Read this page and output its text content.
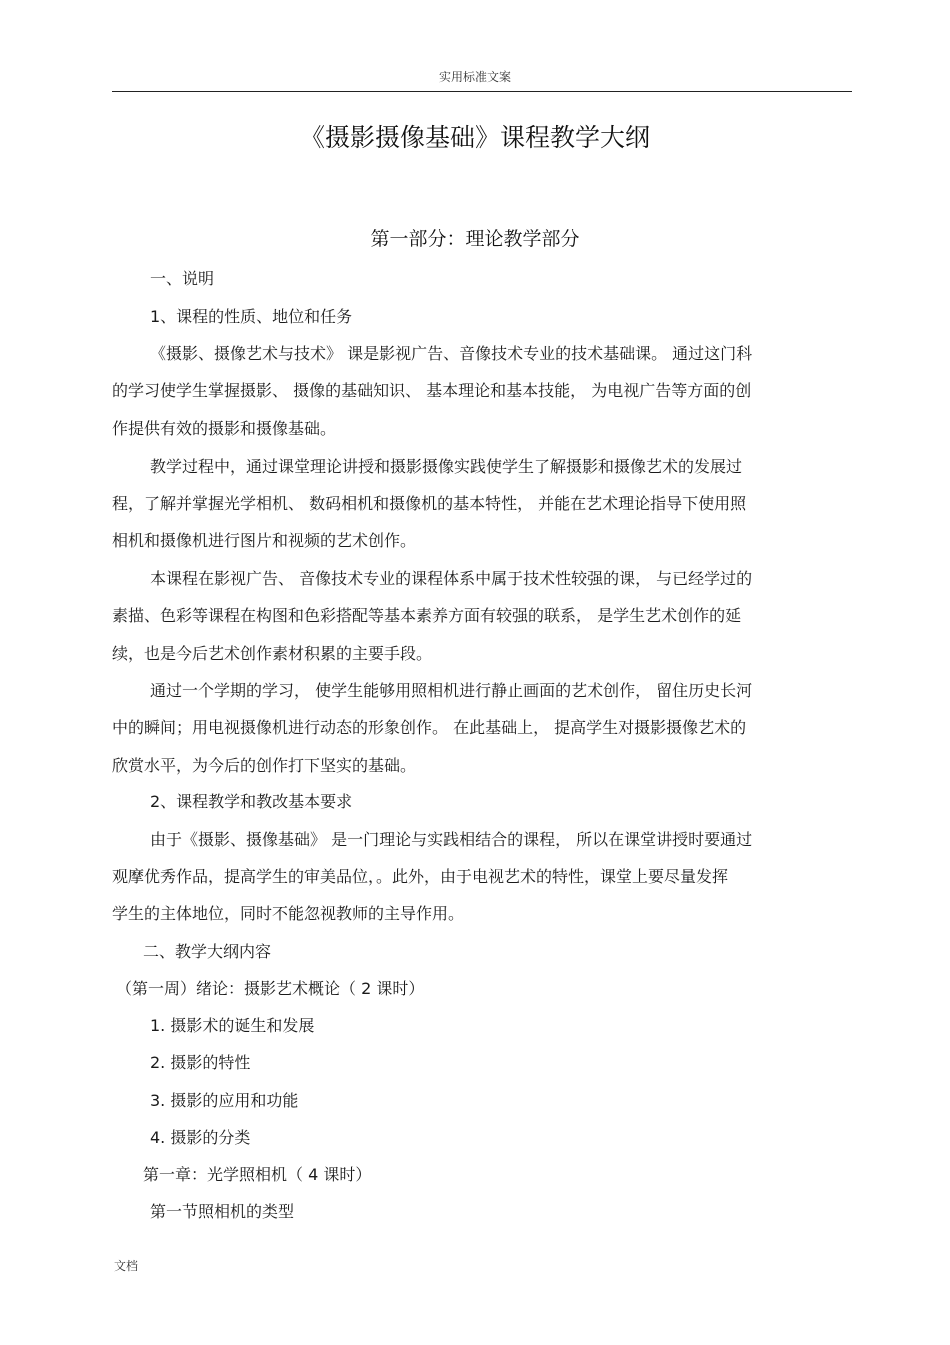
实用标准文案
《摄影摄像基础》课程教学大纲
第一部分：理论教学部分
一、说明
1、课程的性质、地位和任务
《摄影、摄像艺术与技术》 课是影视广告、音像技术专业的技术基础课。 通过这门科
的学习使学生掌握摄影、 摄像的基础知识、 基本理论和基本技能， 为电视广告等方面的创
作提供有效的摄影和摄像基础。
教学过程中，通过课堂理论讲授和摄影摄像实践使学生了解摄影和摄像艺术的发展过
程，了解并掌握光学相机、 数码相机和摄像机的基本特性， 并能在艺术理论指导下使用照
相机和摄像机进行图片和视频的艺术创作。
本课程在影视广告、 音像技术专业的课程体系中属于技术性较强的课， 与已经学过的
素描、色彩等课程在构图和色彩搭配等基本素养方面有较强的联系， 是学生艺术创作的延
续，也是今后艺术创作素材积累的主要手段。
通过一个学期的学习， 使学生能够用照相机进行静止画面的艺术创作， 留住历史长河
中的瞬间；用电视摄像机进行动态的形象创作。 在此基础上， 提高学生对摄影摄像艺术的
欣赏水平，为今后的创作打下坚实的基础。
2、课程教学和教改基本要求
由于《摄影、摄像基础》 是一门理论与实践相结合的课程， 所以在课堂讲授时要通过
观摩优秀作品，提高学生的审美品位，。此外，由于电视艺术的特性，课堂上要尽量发挥
学生的主体地位，同时不能忽视教师的主导作用。
二、教学大纲内容
（第一周）绪论：摄影艺术概论（ 2 课时）
1. 摄影术的诞生和发展
2. 摄影的特性
3. 摄影的应用和功能
4. 摄影的分类
第一章：光学照相机（ 4 课时）
第一节照相机的类型
文档
